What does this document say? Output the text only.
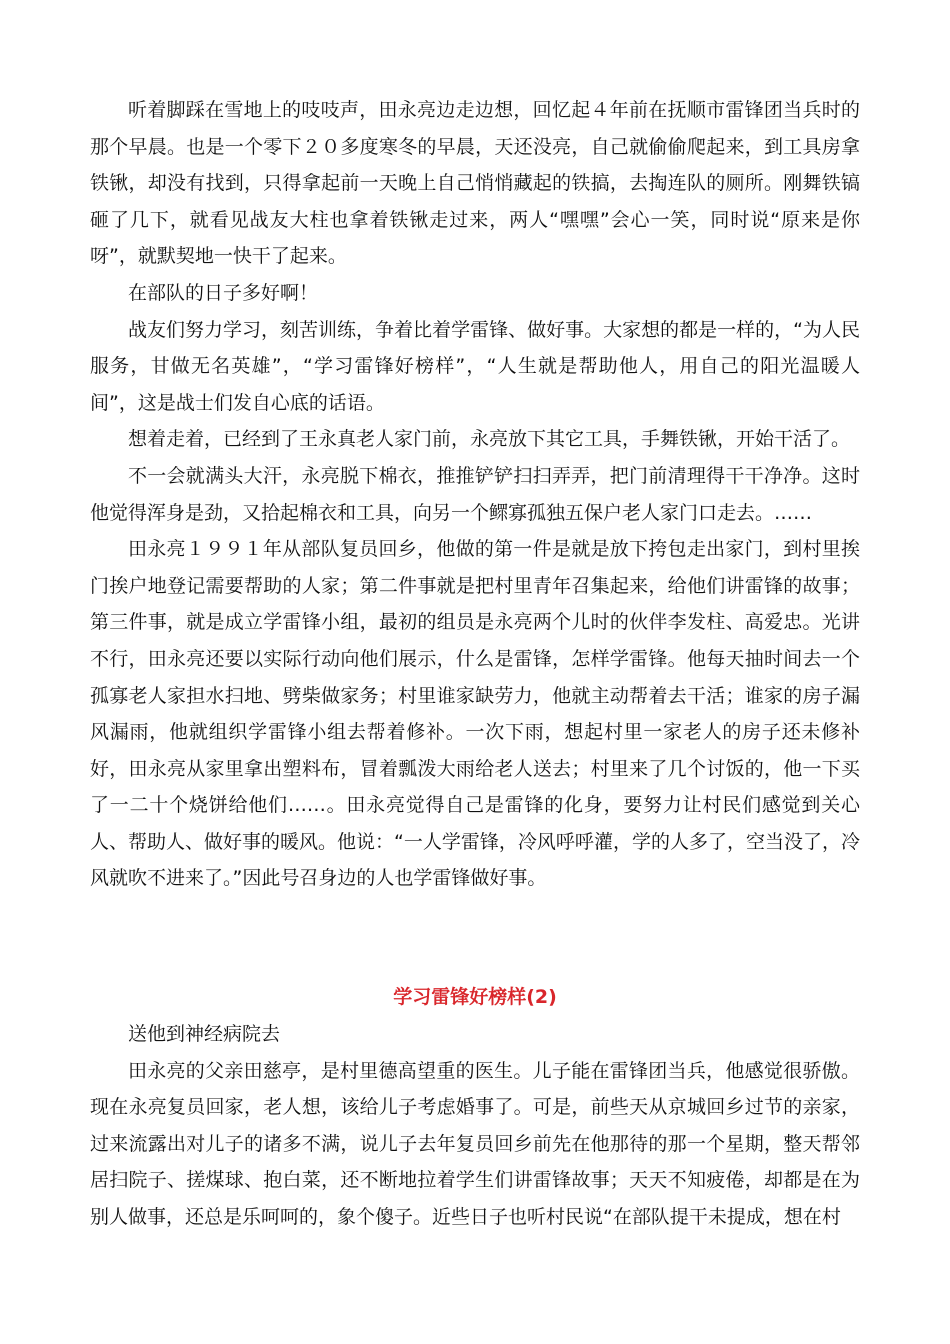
听着脚踩在雪地上的吱吱声，田永亮边走边想，回忆起４年前在抚顺市雷锋团当兵时的那个早晨。也是一个零下２０多度寒冬的早晨，天还没亮，自己就偷偷爬起来，到工具房拿铁锹，却没有找到，只得拿起前一天晚上自己悄悄藏起的铁搞，去掏连队的厕所。刚舞铁镐砸了几下，就看见战友大柱也拿着铁锹走过来，两人“嘿嘿”会心一笑，同时说“原来是你呀”，就默契地一快干了起来。

在部队的日子多好啊！

战友们努力学习，刻苦训练，争着比着学雷锋、做好事。大家想的都是一样的，“为人民服务，甘做无名英雄”，“学习雷锋好榜样”，“人生就是帮助他人，用自己的阳光温暖人间”，这是战士们发自心底的话语。

想着走着，已经到了王永真老人家门前，永亮放下其它工具，手舞铁锹，开始干活了。

不一会就满头大汗，永亮脱下棉衣，推推铲铲扫扫弄弄，把门前清理得干干净净。这时他觉得浑身是劲，又拾起棉衣和工具，向另一个鳏寡孤独五保户老人家门口走去。……

田永亮１９９１年从部队复员回乡，他做的第一件是就是放下挎包走出家门，到村里挨门挨户地登记需要帮助的人家；第二件事就是把村里青年召集起来，给他们讲雷锋的故事；第三件事，就是成立学雷锋小组，最初的组员是永亮两个儿时的伙伴李发柱、高爱忠。光讲不行，田永亮还要以实际行动向他们展示，什么是雷锋，怎样学雷锋。他每天抽时间去一个孤寡老人家担水扫地、劈柴做家务；村里谁家缺劳力，他就主动帮着去干活；谁家的房子漏风漏雨，他就组织学雷锋小组去帮着修补。一次下雨，想起村里一家老人的房子还未修补好，田永亮从家里拿出塑料布，冒着瓢泼大雨给老人送去；村里来了几个讨饭的，他一下买了一二十个烧饼给他们……。田永亮觉得自己是雷锋的化身，要努力让村民们感觉到关心人、帮助人、做好事的暖风。他说：“一人学雷锋，冷风呼呼灌，学的人多了，空当没了，冷风就吹不进来了。”因此号召身边的人也学雷锋做好事。

学习雷锋好榜样(2)

送他到神经病院去

田永亮的父亲田慈亭，是村里德高望重的医生。儿子能在雷锋团当兵，他感觉很骄傲。现在永亮复员回家，老人想，该给儿子考虑婚事了。可是，前些天从京城回乡过节的亲家，过来流露出对儿子的诸多不满，说儿子去年复员回乡前先在他那待的那一个星期，整天帮邻居扫院子、搓煤球、抱白菜，还不断地拉着学生们讲雷锋故事；天天不知疲倦，却都是在为别人做事，还总是乐呵呵的，象个傻子。近些日子也听村民说“在部队提干未提成，想在村
